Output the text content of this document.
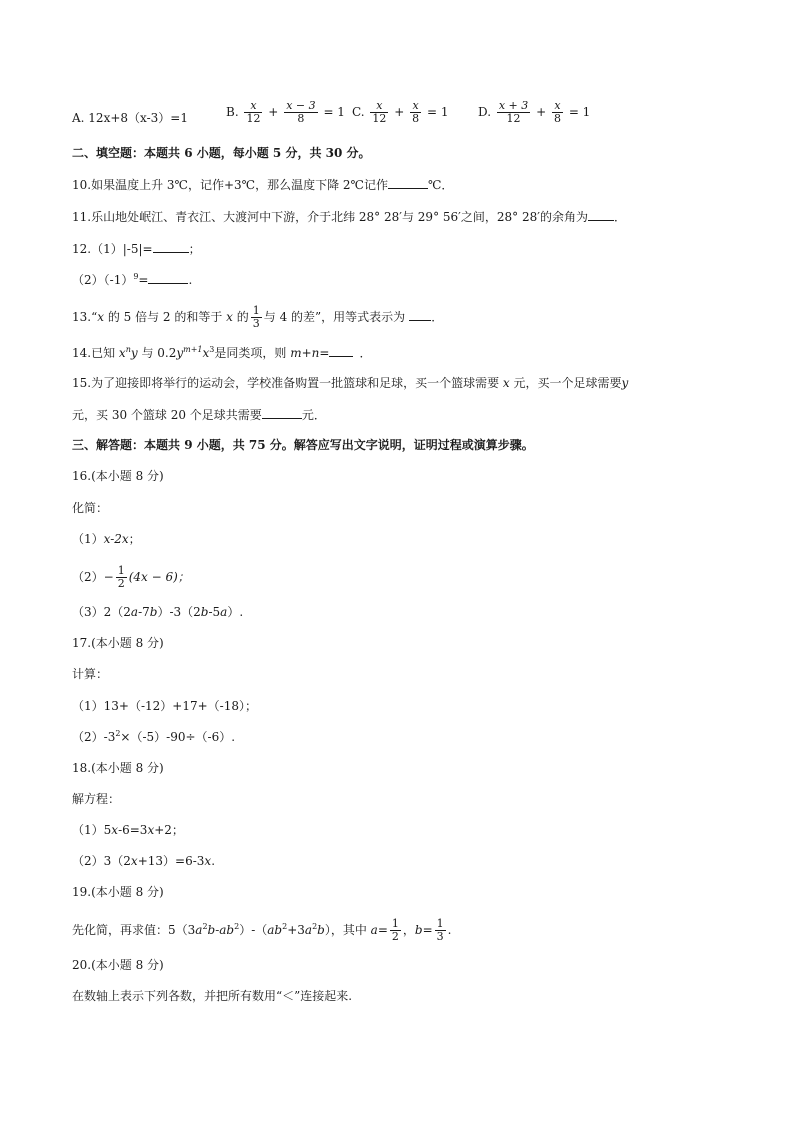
A. 12x+8（x-3）=1	B. $\frac{x}{12} + \frac{x - 3}{8} = 1$ C. $\frac{x}{12} + \frac{x}{8} = 1$ D. $\frac{x + 3}{12} + \frac{x}{8} = 1$
二、填空题：本题共 6 小题，每小题 5 分，共 30 分。
10.如果温度上升 3℃，记作+3℃，那么温度下降 2℃记作	℃．
11.乐山地处岷江、青衣江、大渡河中下游，介于北纬 28° 28′与 29° 56′之间，28° 28′的余角为 ．
12.（1）|-5|=	；
$(2)(-1)^9=$	.
13.“x 的 5 倍与 2 的和等于 x 的 $\frac{1}{3}$ 与 4 的差”，用等式表示为 ．
14.已知 $x^ny$ 与 $0.2y^{m+1}x^3$是同类项，则 m+n=	．
15.为了迎接即将举行的运动会，学校准备购置一批篮球和足球，买一个篮球需要 x 元，买一个足球需要y
元，买 30 个篮球 20 个足球共需要	元．
三、解答题：本题共 9 小题，共 75 分。解答应写出文字说明，证明过程或演算步骤。
16.(本小题 8 分)
化简：
（1）x-2x；
$(2)- \frac{1}{2} (4x - 6)$；
（3）2（2a-7b）-3（2b-5a）.
17.(本小题 8 分)
计算：
（1）13+（-12）+17+（-18）；
$(2)-3^2\times(-5)-90\div(-6)$.
18.(本小题 8 分)
解方程：
（1）5x-6=3x+2；
（2）3（2x+13）=6-3x.
19.(本小题 8 分)
先化简，再求值：$5(3a^2b-ab^2)-(ab^2+3a^2b)$，其中 $a= \frac{1}{2}$ ，$b= \frac{1}{3}$ .
20.(本小题 8 分)
在数轴上表示下列各数，并把所有数用“＜”连接起来.
